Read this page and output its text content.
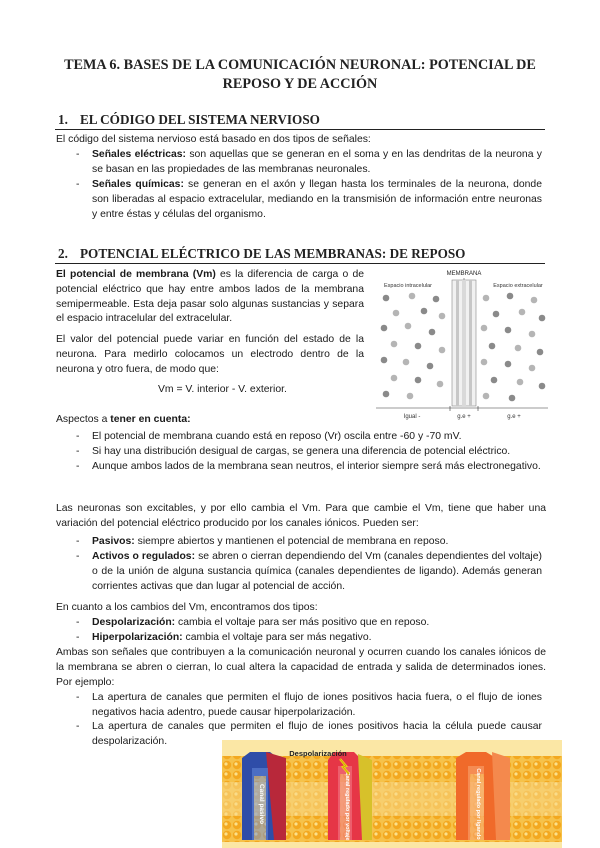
TEMA 6. BASES DE LA COMUNICACIÓN NEURONAL: POTENCIAL DE
REPOSO Y DE ACCIÓN
1. EL CÓDIGO DEL SISTEMA NERVIOSO
El código del sistema nervioso está basado en dos tipos de señales:
- Señales eléctricas: son aquellas que se generan en el soma y en las dendritas de la neurona y se basan en las propiedades de las membranas neuronales.
- Señales químicas: se generan en el axón y llegan hasta los terminales de la neurona, donde son liberadas al espacio extracelular, mediando en la transmisión de información entre neuronas y entre éstas y células del organismo.
2. POTENCIAL ELÉCTRICO DE LAS MEMBRANAS: DE REPOSO
El potencial de membrana (Vm) es la diferencia de carga o de potencial eléctrico que hay entre ambos lados de la membrana semipermeable. Esta deja pasar solo algunas sustancias y separa el espacio intracelular del extracelular.
El valor del potencial puede variar en función del estado de la neurona. Para medirlo colocamos un electrodo dentro de la neurona y otro fuera, de modo que:
Vm = V. interior - V. exterior.
MEMBRANA
Espacio intracelular	Espacio extracelular
Igual -	g.e +	g.e +
Aspectos a tener en cuenta:
- El potencial de membrana cuando está en reposo (Vr) oscila entre -60 y -70 mV.
- Si hay una distribución desigual de cargas, se genera una diferencia de potencial eléctrico.
- Aunque ambos lados de la membrana sean neutros, el interior siempre será más electronegativo.
Las neuronas son excitables, y por ello cambia el Vm. Para que cambie el Vm, tiene que haber una variación del potencial eléctrico producido por los canales iónicos. Pueden ser:
- Pasivos: siempre abiertos y mantienen el potencial de membrana en reposo.
- Activos o regulados: se abren o cierran dependiendo del Vm (canales dependientes del voltaje) o de la unión de alguna sustancia química (canales dependientes de ligando). Además generan corrientes activas que dan lugar al potencial de acción.
En cuanto a los cambios del Vm, encontramos dos tipos:
- Despolarización: cambia el voltaje para ser más positivo que en reposo.
- Hiperpolarización: cambia el voltaje para ser más negativo.
Ambas son señales que contribuyen a la comunicación neuronal y ocurren cuando los canales iónicos de la membrana se abren o cierran, lo cual altera la capacidad de entrada y salida de determinados iones. Por ejemplo:
- La apertura de canales que permiten el flujo de iones positivos hacia fuera, o el flujo de iones negativos hacia adentro, puede causar hiperpolarización.
- La apertura de canales que permiten el flujo de iones positivos hacia la célula puede causar despolarización.
Canal pasivo	Canal regulado por voltaje
Despolarización
Canal regulado por ligando
